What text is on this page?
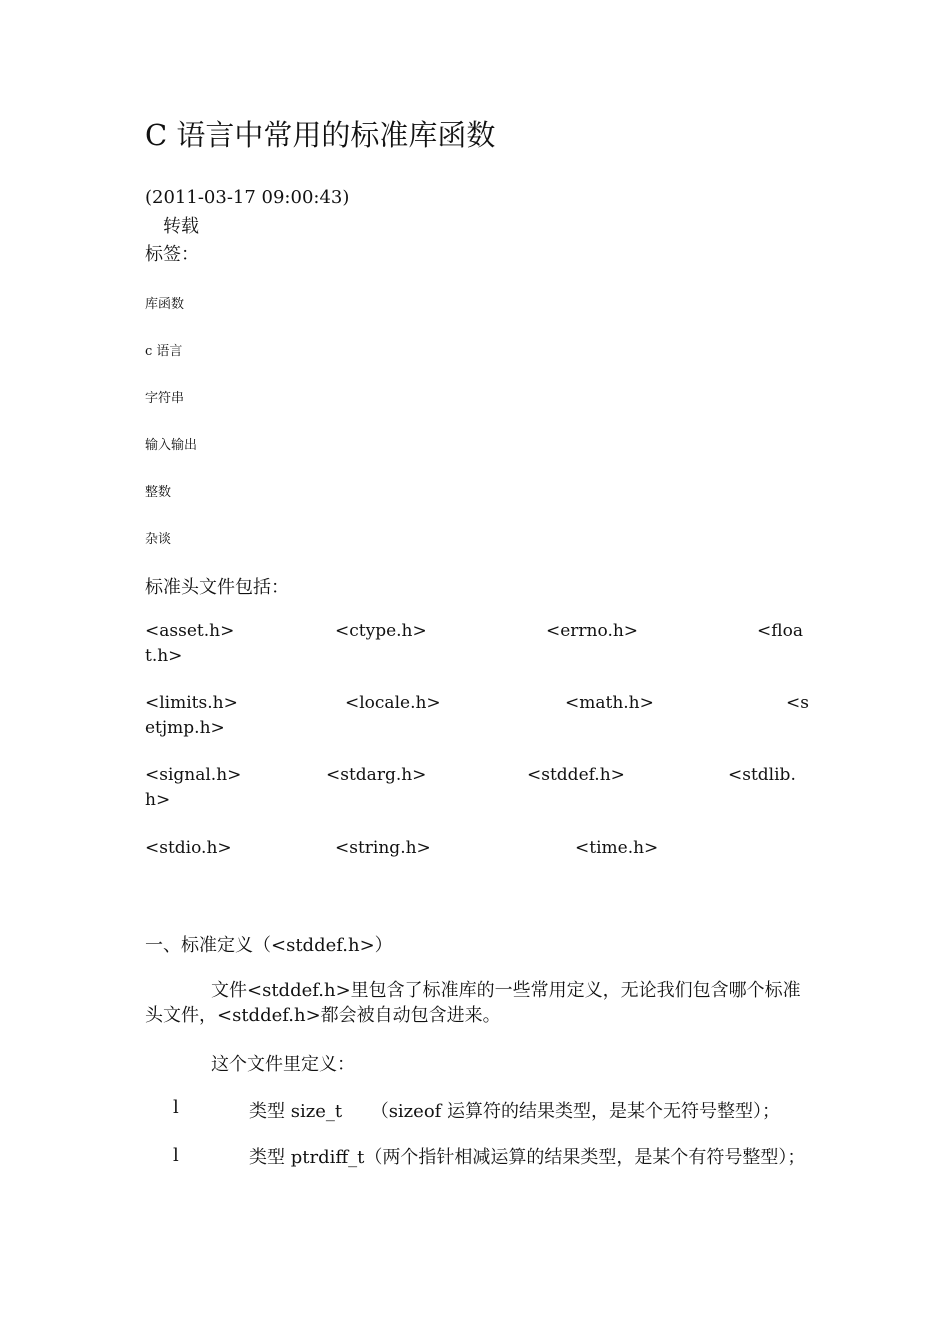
C 语言中常用的标准库函数
(2011-03-17 09:00:43)
转载
标签：
库函数
c 语言
字符串
输入输出
整数
杂谈
标准头文件包括：
<asset.h>	<ctype.h>	<errno.h>	<floa
t.h>
<limits.h>	<locale.h>	<math.h>	<s
etjmp.h>
<signal.h>	<stdarg.h>	<stddef.h>	<stdlib.
h>
<stdio.h>	<string.h>	<time.h>
一、标准定义（<stddef.h>）
文件<stddef.h>里包含了标准库的一些常用定义，无论我们包含哪个标准头文件，<stddef.h>都会被自动包含进来。
这个文件里定义：
l	类型 size_t     （sizeof 运算符的结果类型，是某个无符号整型）；
l	类型 ptrdiff_t（两个指针相减运算的结果类型，是某个有符号整型）；
